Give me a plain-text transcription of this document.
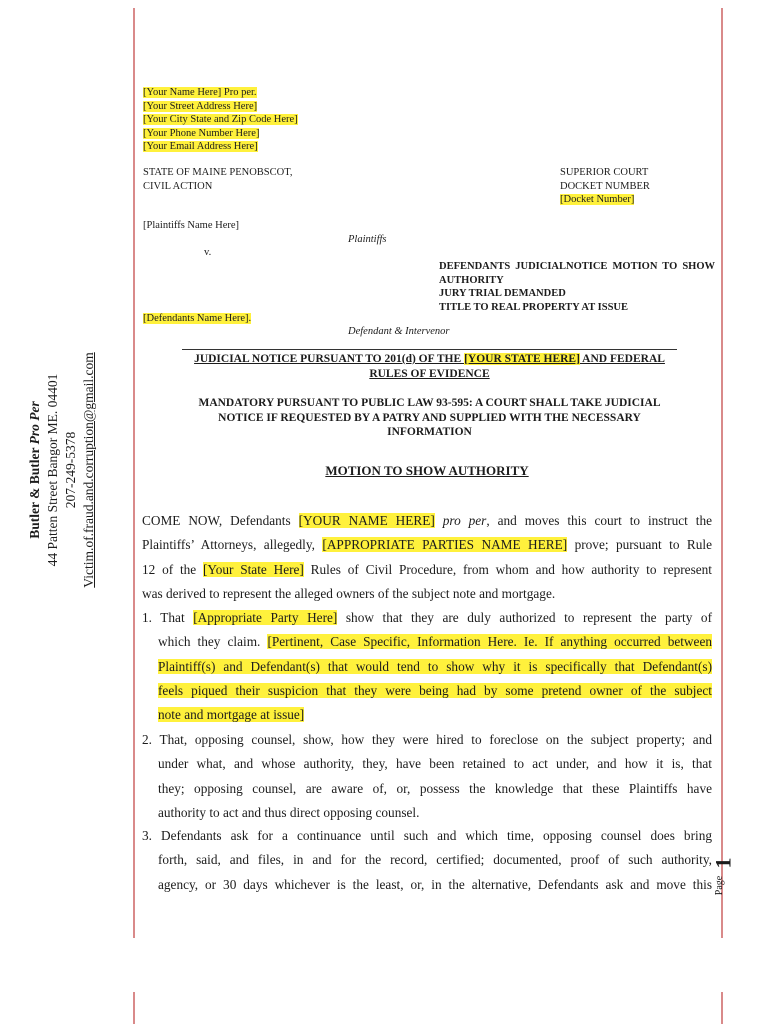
Butler & Butler Pro Per 44 Patten Street Bangor ME. 04401 207-249-5378 Victim.of.fraud.and.corruption@gmail.com
[Your Name Here] Pro per.
[Your Street Address Here]
[Your City State and Zip Code Here]
[Your Phone Number Here]
[Your Email Address Here]
STATE OF MAINE PENOBSCOT,
CIVIL ACTION
SUPERIOR COURT
DOCKET NUMBER
[Docket Number]
[Plaintiffs Name Here]
Plaintiffs
v.
DEFENDANTS JUDICIALNOTICE MOTION TO SHOW
AUTHORITY
JURY TRIAL DEMANDED
TITLE TO REAL PROPERTY AT ISSUE
[Defendants Name Here].
Defendant & Intervenor
JUDICIAL NOTICE PURSUANT TO 201(d) OF THE [YOUR STATE HERE] AND FEDERAL
RULES OF EVIDENCE
MANDATORY PURSUANT TO PUBLIC LAW 93-595: A COURT SHALL TAKE JUDICIAL
NOTICE IF REQUESTED BY A PATRY AND SUPPLIED WITH THE NECESSARY
INFORMATION
MOTION TO SHOW AUTHORITY
COME NOW, Defendants [YOUR NAME HERE] pro per, and moves this court to instruct the
Plaintiffs’ Attorneys, allegedly, [APPROPRIATE PARTIES NAME HERE] prove; pursuant to Rule
12 of the [Your State Here] Rules of Civil Procedure, from whom and how authority to represent
was derived to represent the alleged owners of the subject note and mortgage.
1. That [Appropriate Party Here] show that they are duly authorized to represent the party of
which they claim. [Pertinent, Case Specific, Information Here. Ie. If anything occurred between
Plaintiff(s) and Defendant(s) that would tend to show why it is specifically that Defendant(s)
feels piqued their suspicion that they were being had by some pretend owner of the subject
note and mortgage at issue]
2. That, opposing counsel, show, how they were hired to foreclose on the subject property; and
under what, and whose authority, they, have been retained to act under, and how it is, that
they; opposing counsel, are aware of, or, possess the knowledge that these Plaintiffs have
authority to act and thus direct opposing counsel.
3. Defendants ask for a continuance until such and which time, opposing counsel does bring
forth, said, and files, in and for the record, certified; documented, proof of such authority,
agency, or 30 days whichever is the least, or, in the alternative, Defendants ask and move this
1
Page
